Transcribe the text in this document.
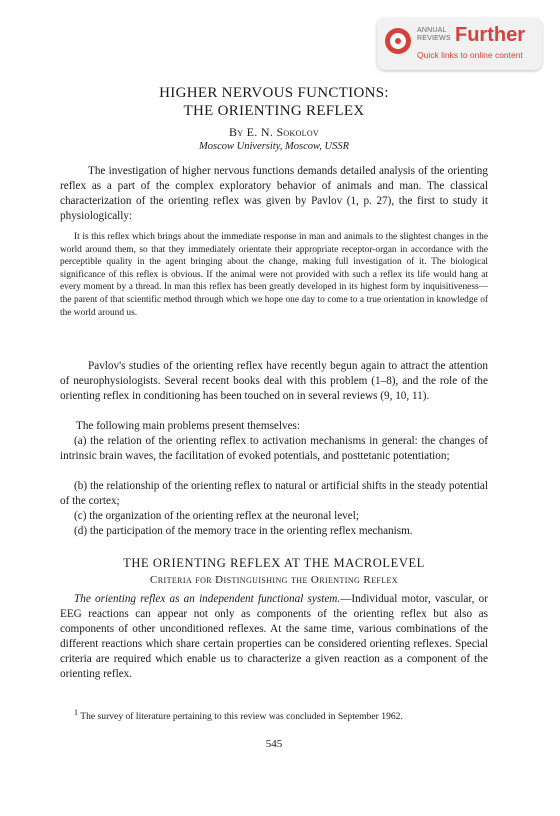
ANNUAL
REVIEWS Further
Quick links to online content
HIGHER NERVOUS FUNCTIONS:
THE ORIENTING REFLEX
By E. N. Sokolov
Moscow University, Moscow, USSR

The investigation of higher nervous functions demands detailed analysis of the orienting reflex as a part of the complex exploratory behavior of animals and man. The classical characterization of the orienting reflex was given by Pavlov (1, p. 27), the first to study it physiologically:

It is this reflex which brings about the immediate response in man and animals to the slightest changes in the world around them, so that they immediately orientate their appropriate receptor-organ in accordance with the perceptible quality in the agent bringing about the change, making full investigation of it. The biological significance of this reflex is obvious. If the animal were not provided with such a reflex its life would hang at every moment by a thread. In man this reflex has been greatly developed in its highest form by inquisitiveness—the parent of that scientific method through which we hope one day to come to a true orientation in knowledge of the world around us.

Pavlov's studies of the orienting reflex have recently begun again to attract the attention of neurophysiologists. Several recent books deal with this problem (1–8), and the role of the orienting reflex in conditioning has been touched on in several reviews (9, 10, 11).

The following main problems present themselves:

(a) the relation of the orienting reflex to activation mechanisms in general: the changes of intrinsic brain waves, the facilitation of evoked potentials, and posttetanic potentiation;

(b) the relationship of the orienting reflex to natural or artificial shifts in the steady potential of the cortex;

(c) the organization of the orienting reflex at the neuronal level;

(d) the participation of the memory trace in the orienting reflex mechanism.

THE ORIENTING REFLEX AT THE MACROLEVEL
Criteria for Distinguishing the Orienting Reflex

The orienting reflex as an independent functional system.—Individual motor, vascular, or EEG reactions can appear not only as components of the orienting reflex but also as components of other unconditioned reflexes. At the same time, various combinations of the different reactions which share certain properties can be considered orienting reflexes. Special criteria are required which enable us to characterize a given reaction as a component of the orienting reflex.

$^1$ The survey of literature pertaining to this review was concluded in September 1962.

545
